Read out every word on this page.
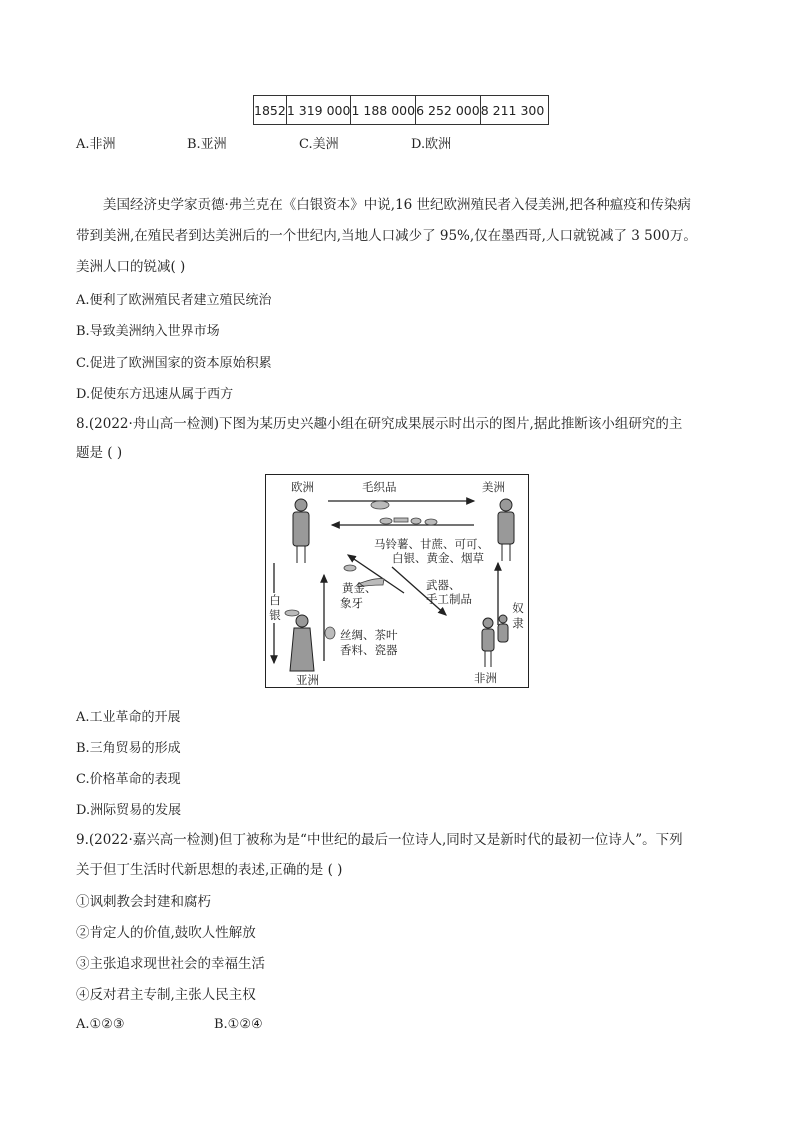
1852	1 319 000	1 188 000	6 252 000	8 211 300
A.非洲	B.亚洲	C.美洲	D.欧洲
美国经济史学家贡德·弗兰克在《白银资本》中说,16 世纪欧洲殖民者入侵美洲,把各种瘟疫和传染病
带到美洲,在殖民者到达美洲后的一个世纪内,当地人口减少了 95%,仅在墨西哥,人口就锐减了 3 500万。
美洲人口的锐减( )
A.便利了欧洲殖民者建立殖民统治
B.导致美洲纳入世界市场
C.促进了欧洲国家的资本原始积累
D.促使东方迅速从属于西方
8.(2022·舟山高一检测)下图为某历史兴趣小组在研究成果展示时出示的图片,据此推断该小组研究的主
题是 ( )
欧洲	美洲
亚洲	非洲
毛织品
马铃薯、甘蔗、可可、
白银、黄金、烟草
黄金、
象牙
武器、
手工制品
丝绸、茶叶
香料、瓷器
白银	奴隶
A.工业革命的开展
B.三角贸易的形成
C.价格革命的表现
D.洲际贸易的发展
9.(2022·嘉兴高一检测)但丁被称为是“中世纪的最后一位诗人,同时又是新时代的最初一位诗人”。下列
关于但丁生活时代新思想的表述,正确的是 ( )
①讽刺教会封建和腐朽
②肯定人的价值,鼓吹人性解放
③主张追求现世社会的幸福生活
④反对君主专制,主张人民主权
A.①②③	B.①②④
